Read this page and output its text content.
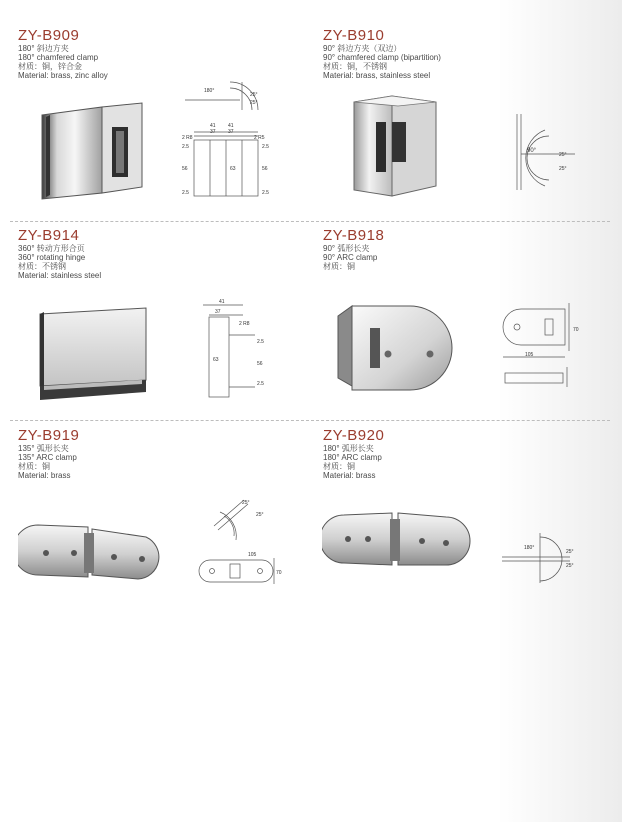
ZY-B909
180° 斜边方夹
180° chamfered clamp
材质：铜，锌合金
Material: brass, zinc alloy
180°
25°
25°
41
37 37
41
2 R8	2 R5
2.5
56	63	56
2.5
2.5	2.5
ZY-B910
90° 斜边方夹（双边）
90° chamfered clamp (bipartition)
材质：铜，不锈钢
Material: brass, stainless steel
90°
25°
25°
ZY-B914
360° 转动方形合页
360° rotating hinge
材质：不锈钢
Material: stainless steel
41
37
2 R8
2.5
63
56
2.5
ZY-B918
90° 弧形长夹
90° ARC clamp
材质：铜
70
105
ZY-B919
135° 弧形长夹
135° ARC clamp
材质：铜
Material: brass
25°
25°
105
70
ZY-B920
180° 弧形长夹
180° ARC clamp
材质：铜
Material: brass
180°
25°
25°
